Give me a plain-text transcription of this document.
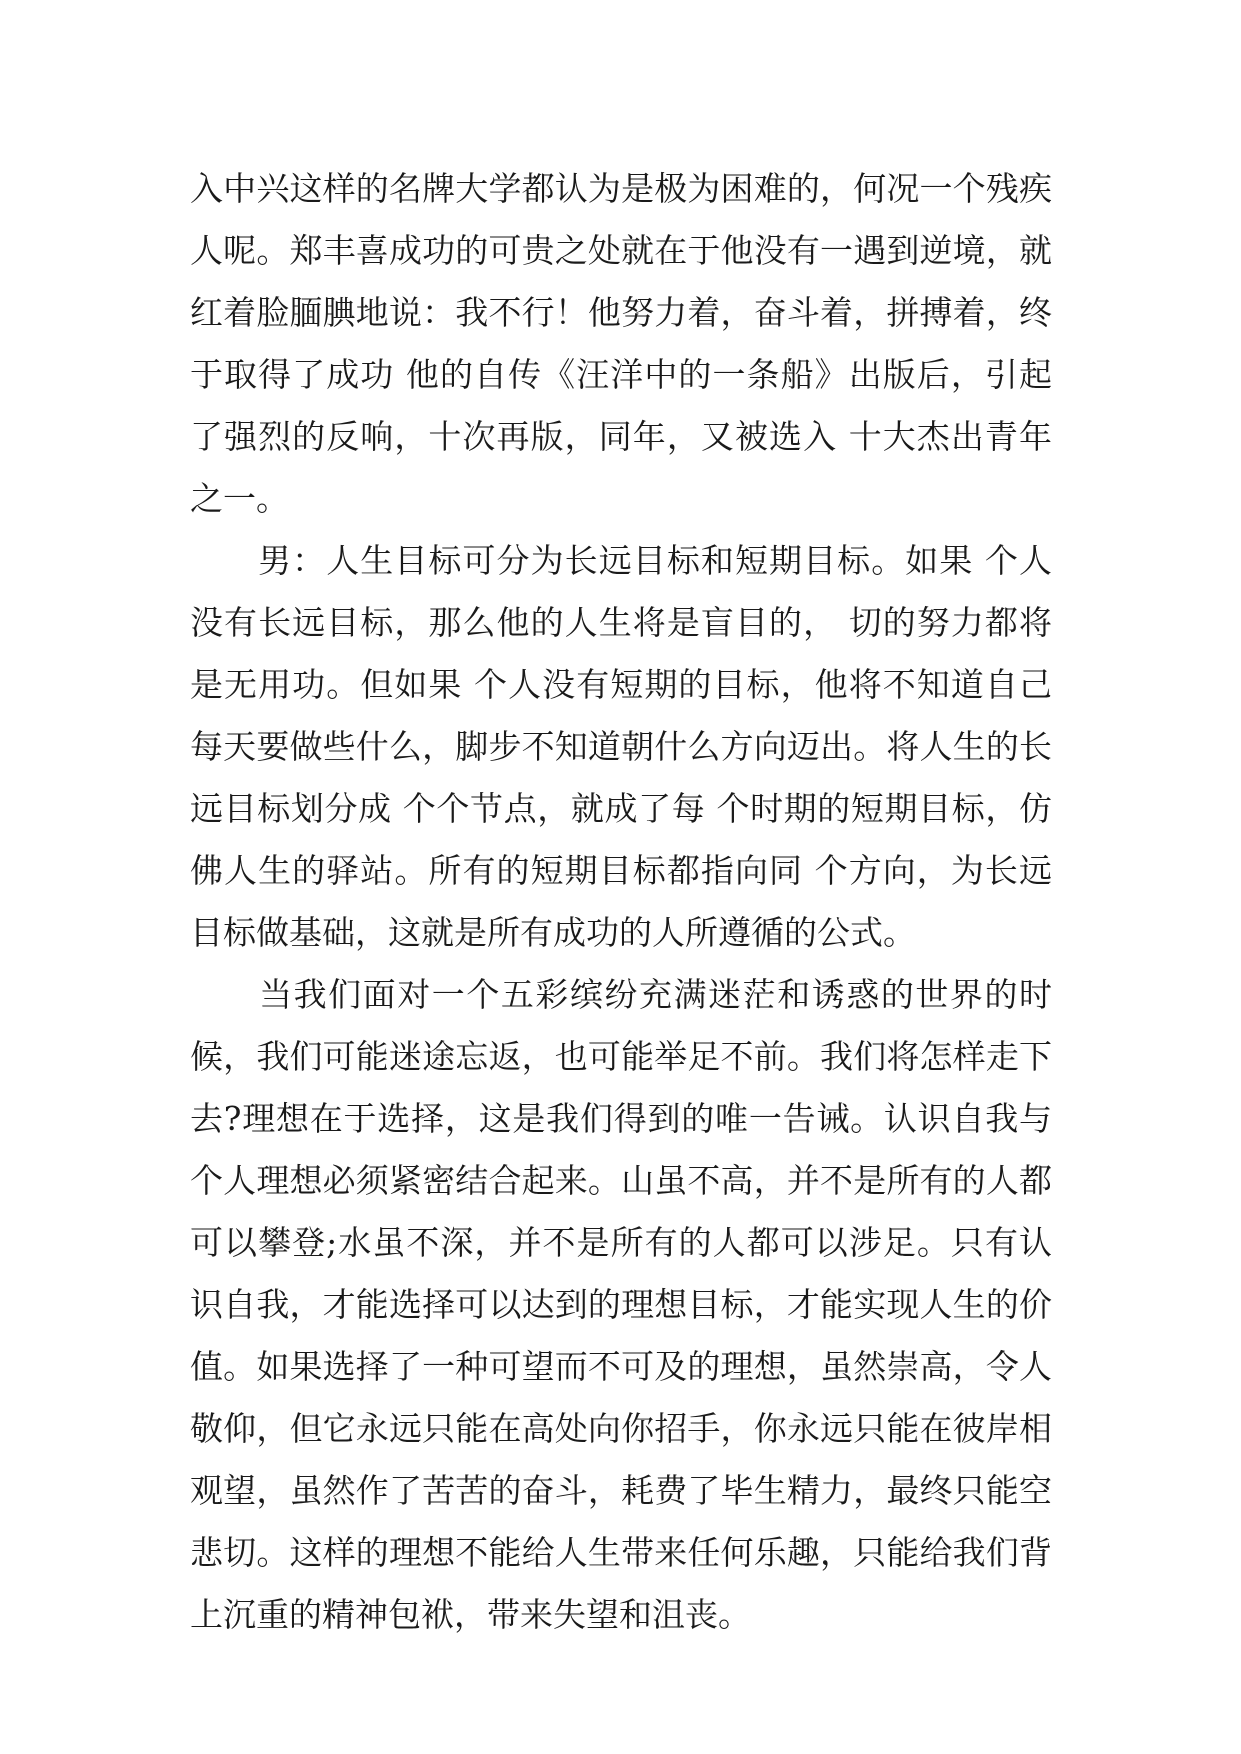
入中兴这样的名牌大学都认为是极为困难的，何况一个残疾
人呢。郑丰喜成功的可贵之处就在于他没有一遇到逆境，就
红着脸腼腆地说：我不行！他努力着，奋斗着，拼搏着，终
于取得了成功 他的自传《汪洋中的一条船》出版后，引起
了强烈的反响，十次再版，同年，又被选入 十大杰出青年
之一。
　　男：人生目标可分为长远目标和短期目标。如果 个人
没有长远目标，那么他的人生将是盲目的， 切的努力都将
是无用功。但如果 个人没有短期的目标，他将不知道自己
每天要做些什么，脚步不知道朝什么方向迈出。将人生的长
远目标划分成 个个节点，就成了每 个时期的短期目标，仿
佛人生的驿站。所有的短期目标都指向同 个方向，为长远
目标做基础，这就是所有成功的人所遵循的公式。
　　当我们面对一个五彩缤纷充满迷茫和诱惑的世界的时
候，我们可能迷途忘返，也可能举足不前。我们将怎样走下
去?理想在于选择，这是我们得到的唯一告诫。认识自我与
个人理想必须紧密结合起来。山虽不高，并不是所有的人都
可以攀登;水虽不深，并不是所有的人都可以涉足。只有认
识自我，才能选择可以达到的理想目标，才能实现人生的价
值。如果选择了一种可望而不可及的理想，虽然崇高，令人
敬仰，但它永远只能在高处向你招手，你永远只能在彼岸相
观望，虽然作了苦苦的奋斗，耗费了毕生精力，最终只能空
悲切。这样的理想不能给人生带来任何乐趣，只能给我们背
上沉重的精神包袱，带来失望和沮丧。
